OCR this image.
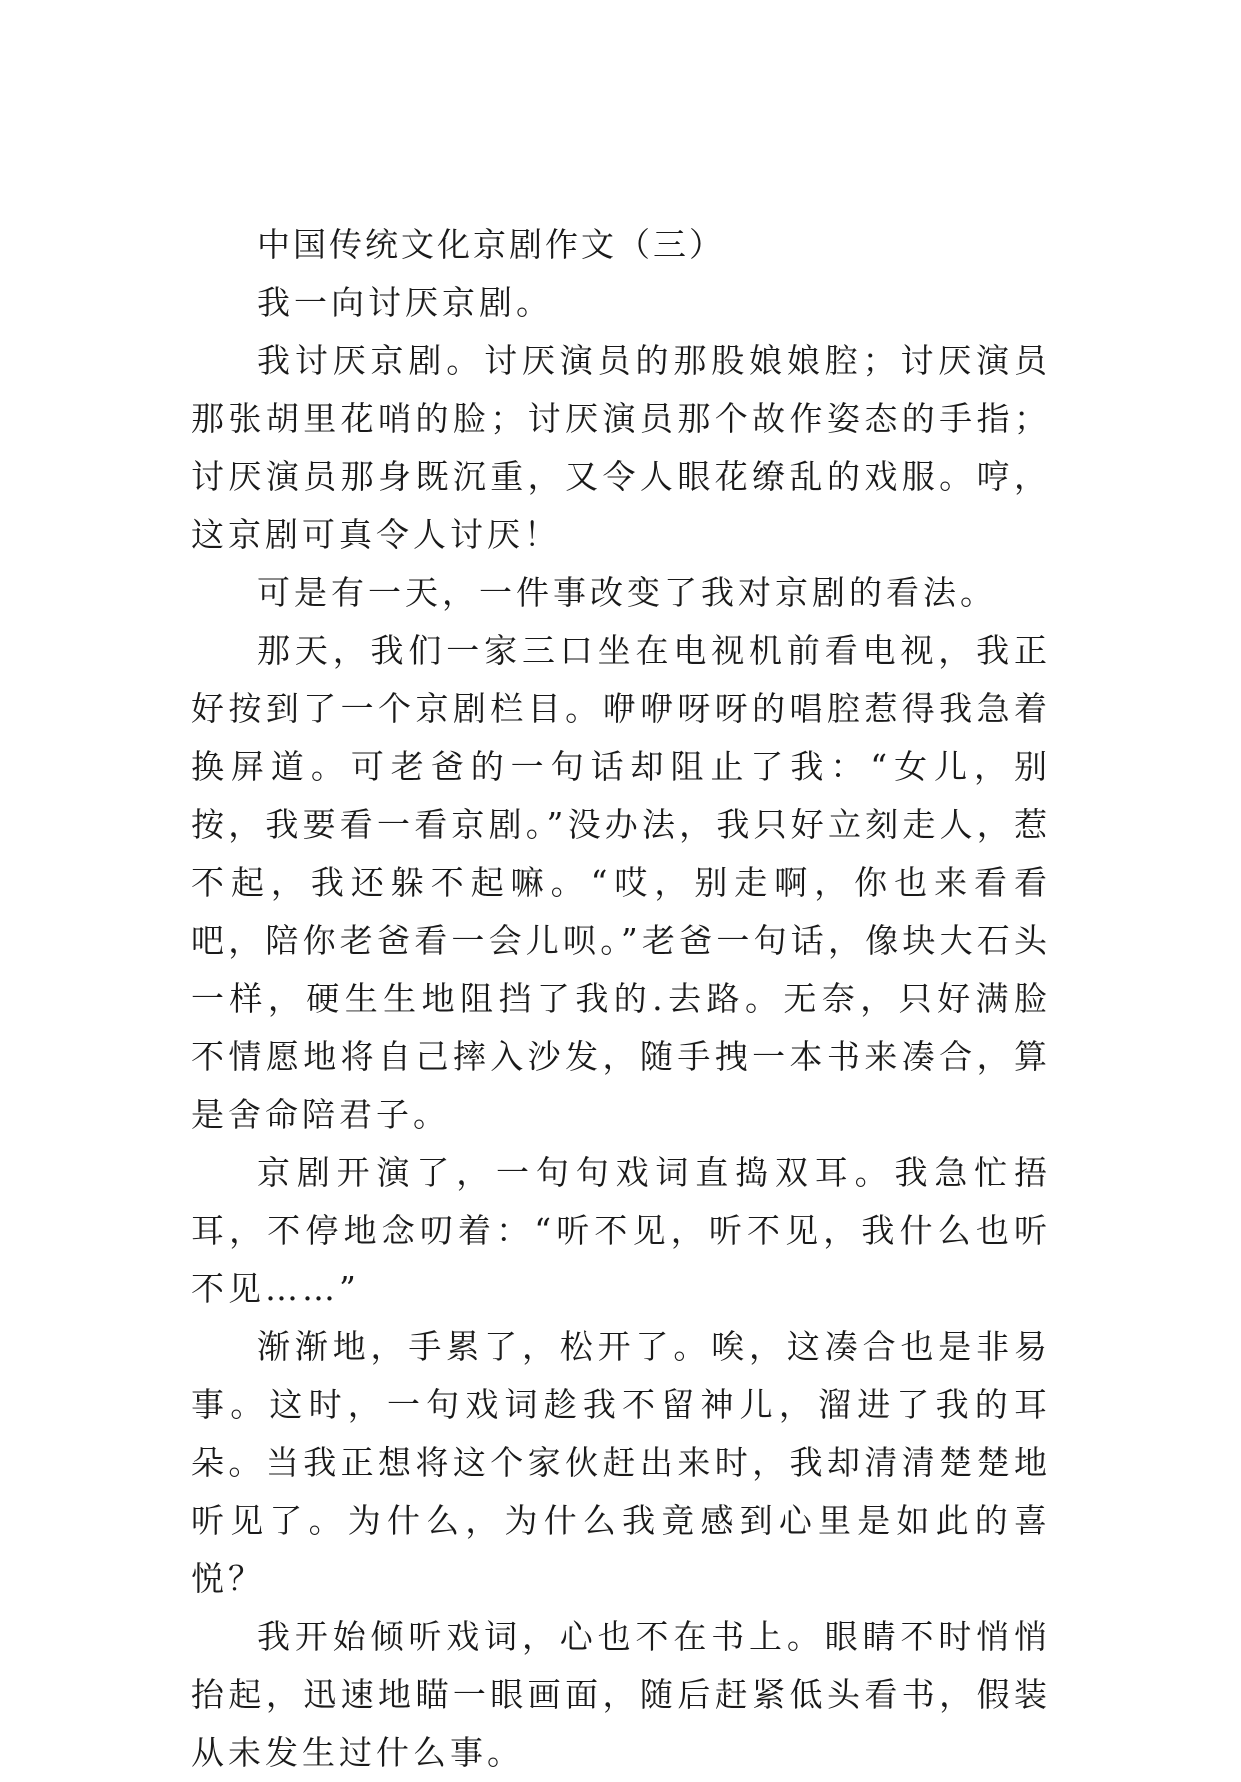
中国传统文化京剧作文（三）

我一向讨厌京剧。

我讨厌京剧。讨厌演员的那股娘娘腔；讨厌演员那张胡里花哨的脸；讨厌演员那个故作姿态的手指；讨厌演员那身既沉重，又令人眼花缭乱的戏服。哼，这京剧可真令人讨厌！

可是有一天，一件事改变了我对京剧的看法。

那天，我们一家三口坐在电视机前看电视，我正好按到了一个京剧栏目。咿咿呀呀的唱腔惹得我急着换屏道。可老爸的一句话却阻止了我：“女儿，别按，我要看一看京剧。”没办法，我只好立刻走人，惹不起，我还躲不起嘛。“哎，别走啊，你也来看看吧，陪你老爸看一会儿呗。”老爸一句话，像块大石头一样，硬生生地阻挡了我的.去路。无奈，只好满脸不情愿地将自己摔入沙发，随手拽一本书来凑合，算是舍命陪君子。

京剧开演了，一句句戏词直捣双耳。我急忙捂耳，不停地念叨着：“听不见，听不见，我什么也听不见……”

渐渐地，手累了，松开了。唉，这凑合也是非易事。这时，一句戏词趁我不留神儿，溜进了我的耳朵。当我正想将这个家伙赶出来时，我却清清楚楚地听见了。为什么，为什么我竟感到心里是如此的喜悦？

我开始倾听戏词，心也不在书上。眼睛不时悄悄抬起，迅速地瞄一眼画面，随后赶紧低头看书，假装从未发生过什么事。
